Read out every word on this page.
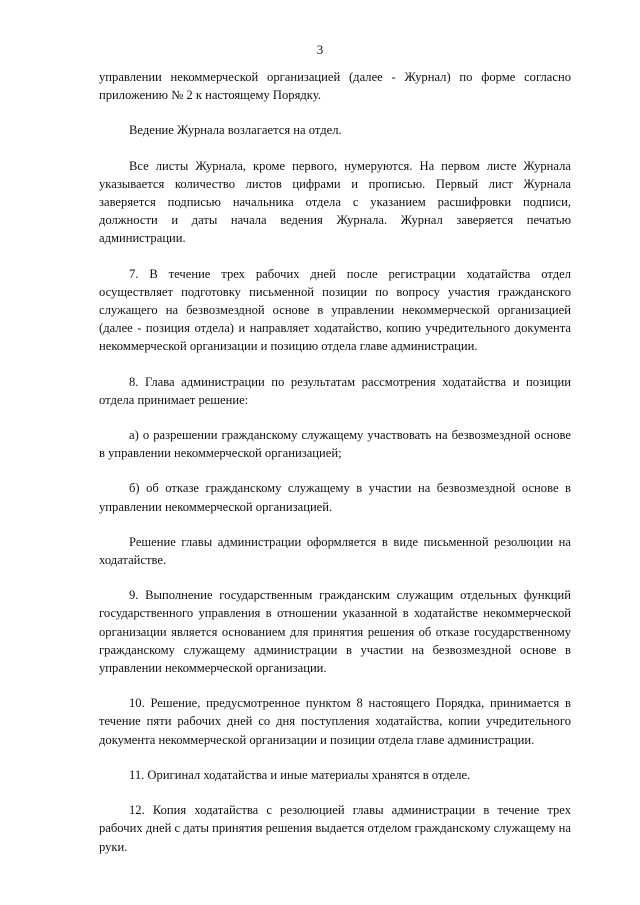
3

управлении некоммерческой организацией (далее - Журнал) по форме согласно приложению № 2 к настоящему Порядку.

Ведение Журнала возлагается на отдел.

Все листы Журнала, кроме первого, нумеруются. На первом листе Журнала указывается количество листов цифрами и прописью. Первый лист Журнала заверяется подписью начальника отдела с указанием расшифровки подписи, должности и даты начала ведения Журнала. Журнал заверяется печатью администрации.

7. В течение трех рабочих дней после регистрации ходатайства отдел осуществляет подготовку письменной позиции по вопросу участия гражданского служащего на безвозмездной основе в управлении некоммерческой организацией (далее - позиция отдела) и направляет ходатайство, копию учредительного документа некоммерческой организации и позицию отдела главе администрации.

8. Глава администрации по результатам рассмотрения ходатайства и позиции отдела принимает решение:

а) о разрешении гражданскому служащему участвовать на безвозмездной основе в управлении некоммерческой организацией;

б) об отказе гражданскому служащему в участии на безвозмездной основе в управлении некоммерческой организацией.

Решение главы администрации оформляется в виде письменной резолюции на ходатайстве.

9. Выполнение государственным гражданским служащим отдельных функций государственного управления в отношении указанной в ходатайстве некоммерческой организации является основанием для принятия решения об отказе государственному гражданскому служащему администрации в участии на безвозмездной основе в управлении некоммерческой организации.

10. Решение, предусмотренное пунктом 8 настоящего Порядка, принимается в течение пяти рабочих дней со дня поступления ходатайства, копии учредительного документа некоммерческой организации и позиции отдела главе администрации.

11. Оригинал ходатайства и иные материалы хранятся в отделе.

12. Копия ходатайства с резолюцией главы администрации в течение трех рабочих дней с даты принятия решения выдается отделом гражданскому служащему на руки.
